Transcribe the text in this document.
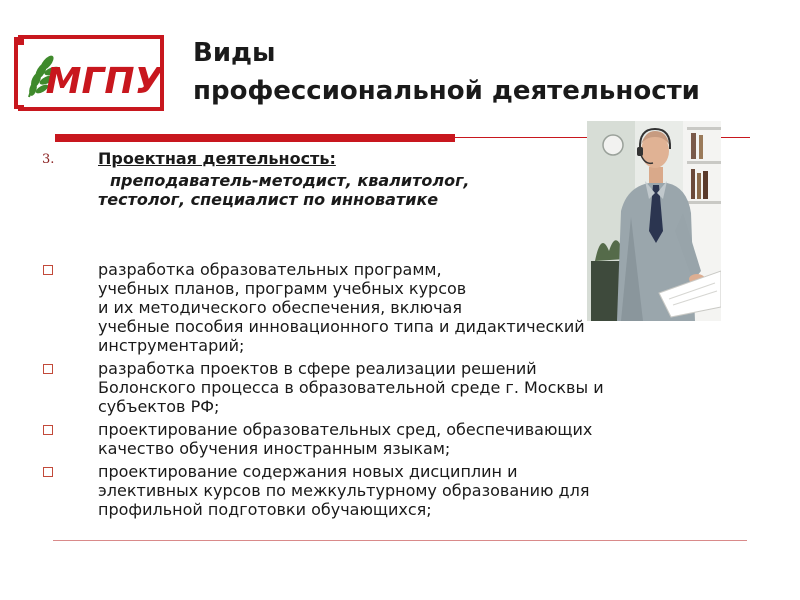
МГПУ
Виды
профессиональной деятельности
3.	Проектная деятельность:
преподаватель-методист, квалитолог,
тестолог, специалист по инноватике
разработка образовательных программ,
учебных планов, программ учебных курсов
и их методического обеспечения, включая
учебные пособия инновационного типа и дидактический
инструментарий;
разработка проектов в сфере реализации решений
Болонского процесса в образовательной среде г. Москвы и
субъектов РФ;
проектирование образовательных сред, обеспечивающих
качество обучения иностранным языкам;
проектирование содержания новых дисциплин и
элективных курсов по межкультурному образованию для
профильной подготовки обучающихся;
